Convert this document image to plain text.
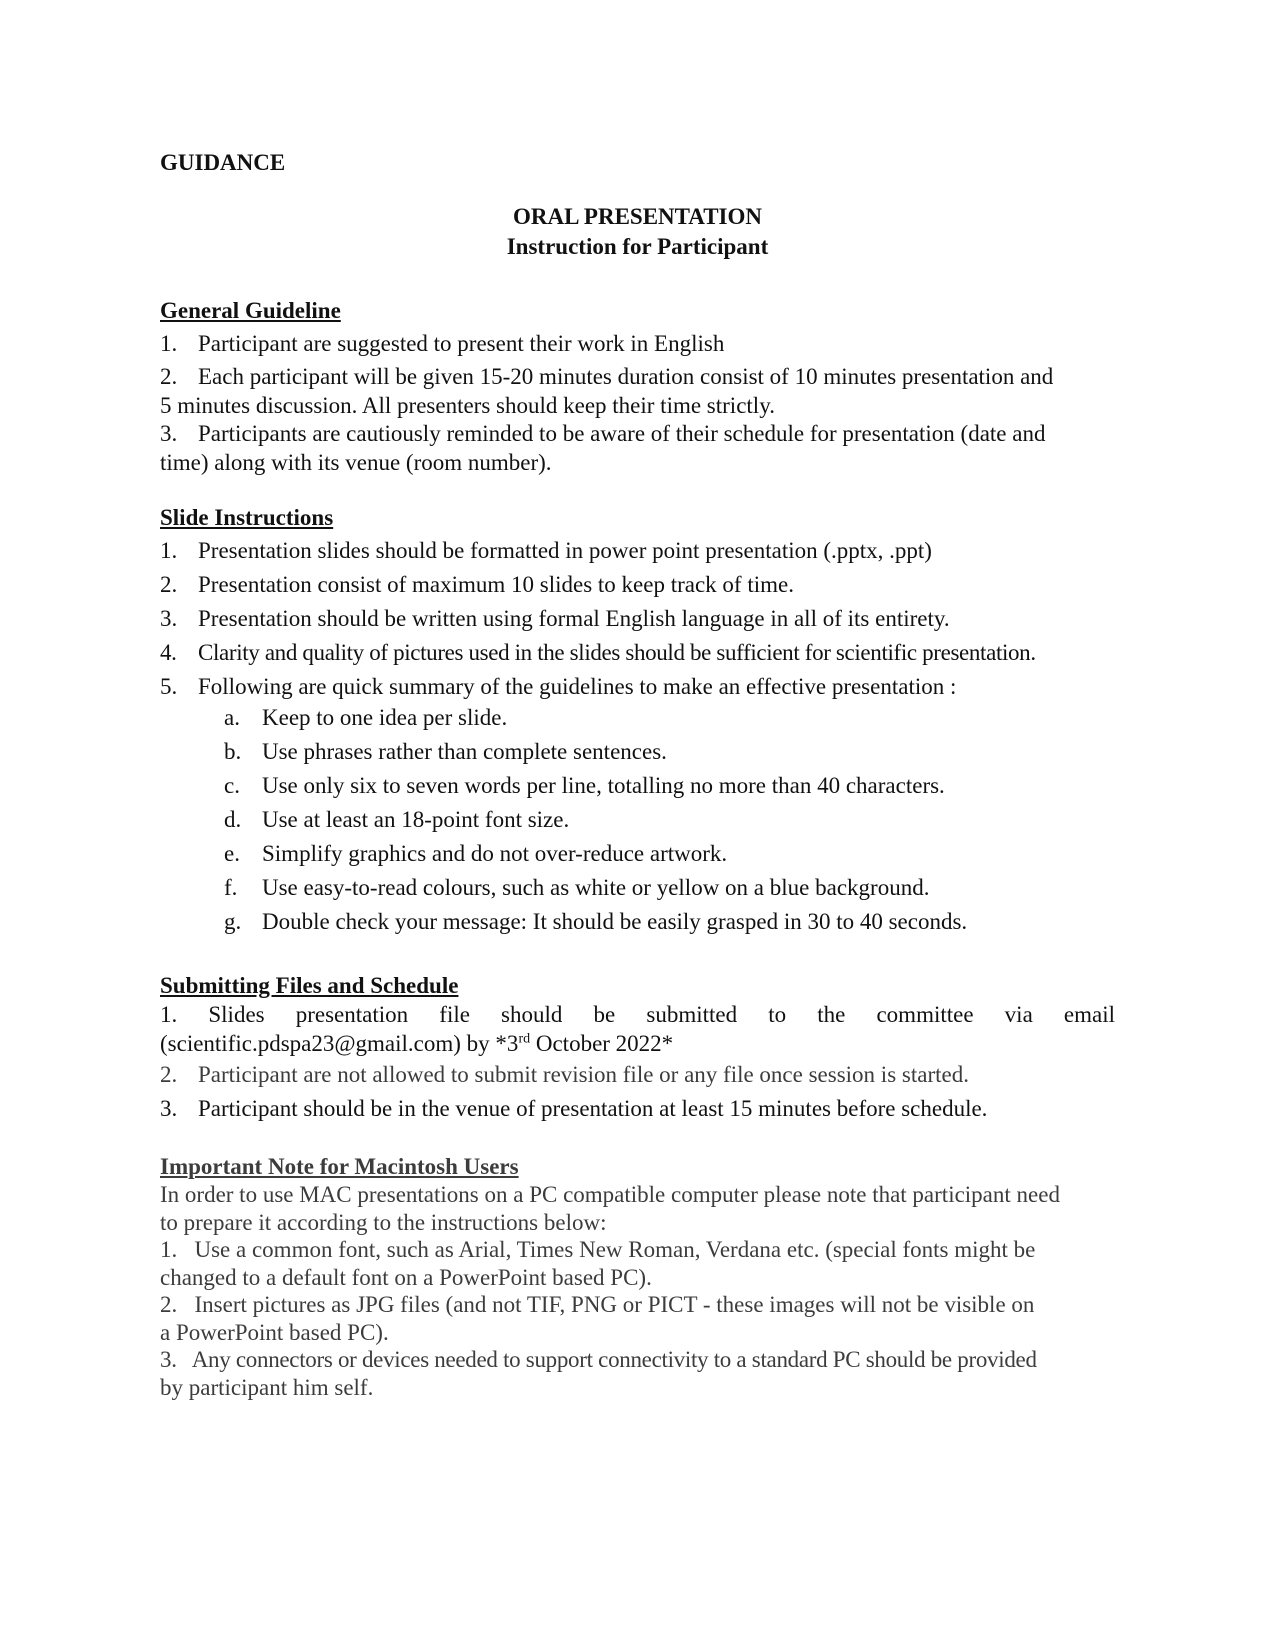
GUIDANCE
ORAL PRESENTATION
Instruction for Participant
General Guideline
1. Participant are suggested to present their work in English
2. Each participant will be given 15-20 minutes duration consist of 10 minutes presentation and
5 minutes discussion. All presenters should keep their time strictly.
3. Participants are cautiously reminded to be aware of their schedule for presentation (date and
time) along with its venue (room number).
Slide Instructions
1. Presentation slides should be formatted in power point presentation (.pptx, .ppt)
2. Presentation consist of maximum 10 slides to keep track of time.
3. Presentation should be written using formal English language in all of its entirety.
4. Clarity and quality of pictures used in the slides should be sufficient for scientific presentation.
5. Following are quick summary of the guidelines to make an effective presentation :
a. Keep to one idea per slide.
b. Use phrases rather than complete sentences.
c. Use only six to seven words per line, totalling no more than 40 characters.
d. Use at least an 18-point font size.
e. Simplify graphics and do not over-reduce artwork.
f. Use easy-to-read colours, such as white or yellow on a blue background.
g. Double check your message: It should be easily grasped in 30 to 40 seconds.
Submitting Files and Schedule
1. Slides presentation file should be submitted to the committee via email
(scientific.pdspa23@gmail.com) by *3rd October 2022*
2. Participant are not allowed to submit revision file or any file once session is started.
3. Participant should be in the venue of presentation at least 15 minutes before schedule.
Important Note for Macintosh Users
In order to use MAC presentations on a PC compatible computer please note that participant need
to prepare it according to the instructions below:
1.   Use a common font, such as Arial, Times New Roman, Verdana etc. (special fonts might be
changed to a default font on a PowerPoint based PC).
2.   Insert pictures as JPG files (and not TIF, PNG or PICT - these images will not be visible on
a PowerPoint based PC).
3.   Any connectors or devices needed to support connectivity to a standard PC should be provided
by participant him self.
